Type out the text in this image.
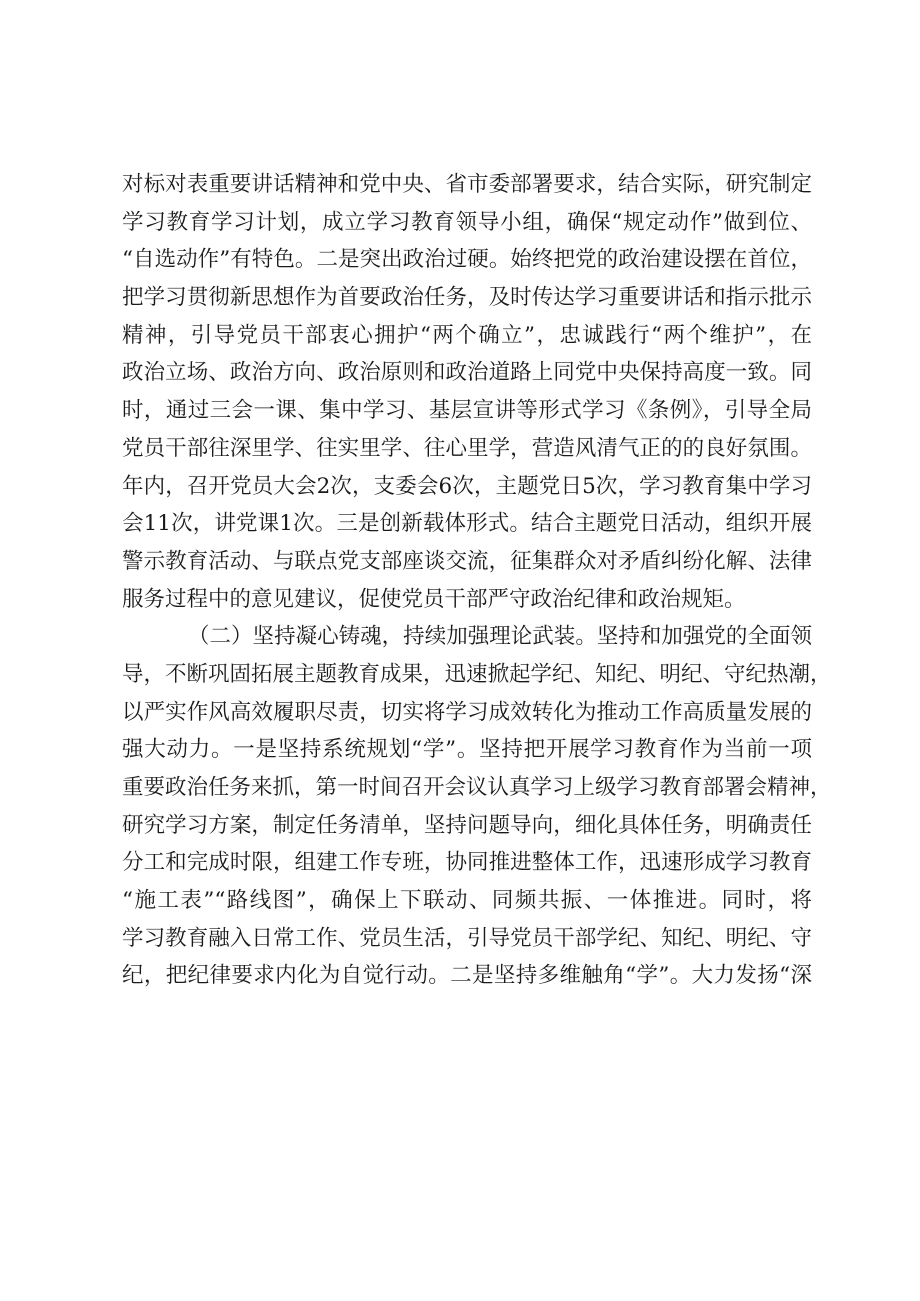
对标对表重要讲话精神和党中央、省市委部署要求，结合实际，研究制定
学习教育学习计划，成立学习教育领导小组，确保“规定动作”做到位、
“自选动作”有特色。二是突出政治过硬。始终把党的政治建设摆在首位，
把学习贯彻新思想作为首要政治任务，及时传达学习重要讲话和指示批示
精神，引导党员干部衷心拥护“两个确立”，忠诚践行“两个维护”，在
政治立场、政治方向、政治原则和政治道路上同党中央保持高度一致。同
时，通过三会一课、集中学习、基层宣讲等形式学习《条例》，引导全局
党员干部往深里学、往实里学、往心里学，营造风清气正的的良好氛围。
年内，召开党员大会2次，支委会6次，主题党日5次，学习教育集中学习
会11次，讲党课1次。三是创新载体形式。结合主题党日活动，组织开展
警示教育活动、与联点党支部座谈交流，征集群众对矛盾纠纷化解、法律
服务过程中的意见建议，促使党员干部严守政治纪律和政治规矩。
（二）坚持凝心铸魂，持续加强理论武装。坚持和加强党的全面领
导，不断巩固拓展主题教育成果，迅速掀起学纪、知纪、明纪、守纪热潮，
以严实作风高效履职尽责，切实将学习成效转化为推动工作高质量发展的
强大动力。一是坚持系统规划“学”。坚持把开展学习教育作为当前一项
重要政治任务来抓，第一时间召开会议认真学习上级学习教育部署会精神，
研究学习方案，制定任务清单，坚持问题导向，细化具体任务，明确责任
分工和完成时限，组建工作专班，协同推进整体工作，迅速形成学习教育
“施工表”“路线图”，确保上下联动、同频共振、一体推进。同时，将
学习教育融入日常工作、党员生活，引导党员干部学纪、知纪、明纪、守
纪，把纪律要求内化为自觉行动。二是坚持多维触角“学”。大力发扬“深
